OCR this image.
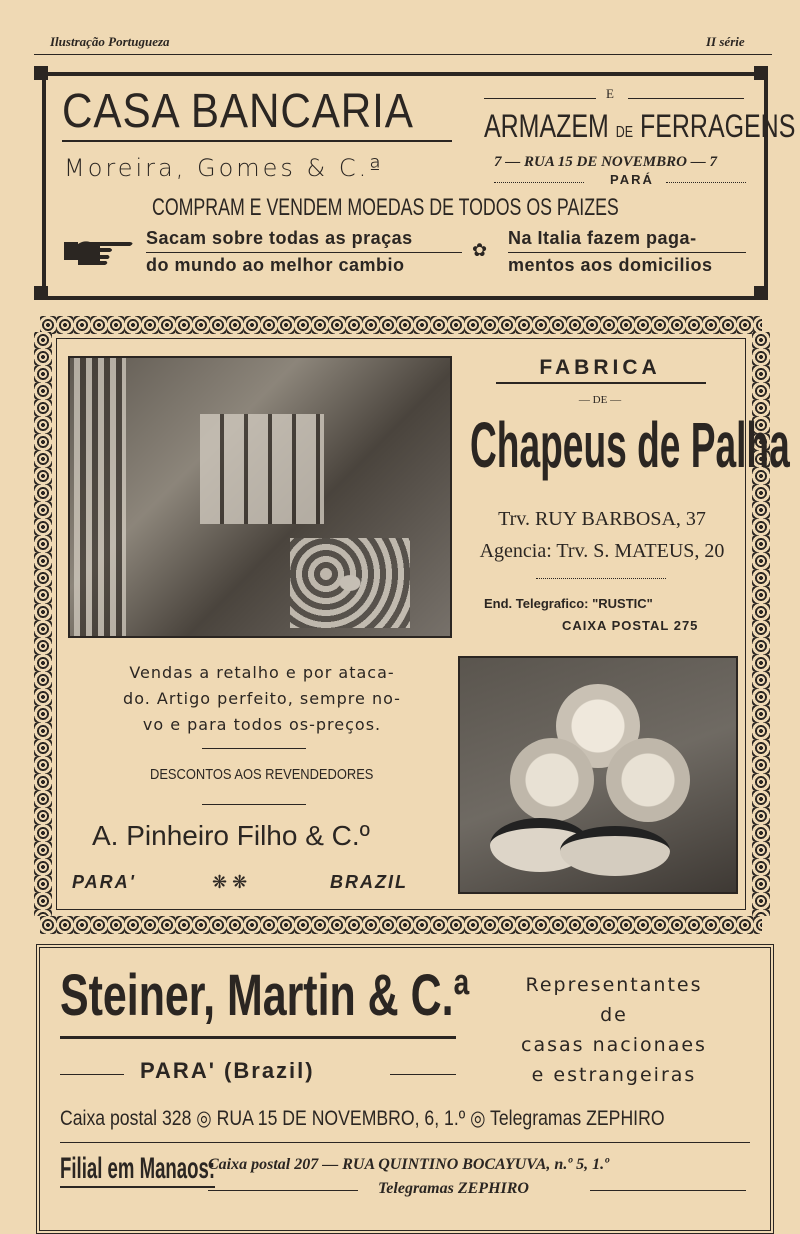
Ilustração Portugueza	II série
CASA BANCARIA	E
ARMAZEM DE FERRAGENS
Moreira, Gomes & C.ª	7 — RUA 15 DE NOVEMBRO — 7
PARÁ
COMPRAM E VENDEM MOEDAS DE TODOS OS PAIZES
Sacam sobre todas as praças
do mundo ao melhor cambio
✿
Na Italia fazem paga-
mentos aos domicilios
FABRICA
— DE —
Chapeus de Palha
Trv. RUY BARBOSA, 37
Agencia: Trv. S. MATEUS, 20
End. Telegrafico: "RUSTIC"
CAIXA POSTAL 275
Vendas a retalho e por ataca-
do. Artigo perfeito, sempre no-
vo e para todos os-preços.
DESCONTOS AOS REVENDEDORES
A. Pinheiro Filho & C.º
PARA'	❋ ❋	BRAZIL
Steiner, Martin & C.ª	Representantes
de
casas nacionaes
e estrangeiras
PARA' (Brazil)
Caixa postal 328 ◎ RUA 15 DE NOVEMBRO, 6, 1.º ◎ Telegramas ZEPHIRO
Filial em Manaos:
Caixa postal 207 — RUA QUINTINO BOCAYUVA, n.º 5, 1.º
Telegramas ZEPHIRO
